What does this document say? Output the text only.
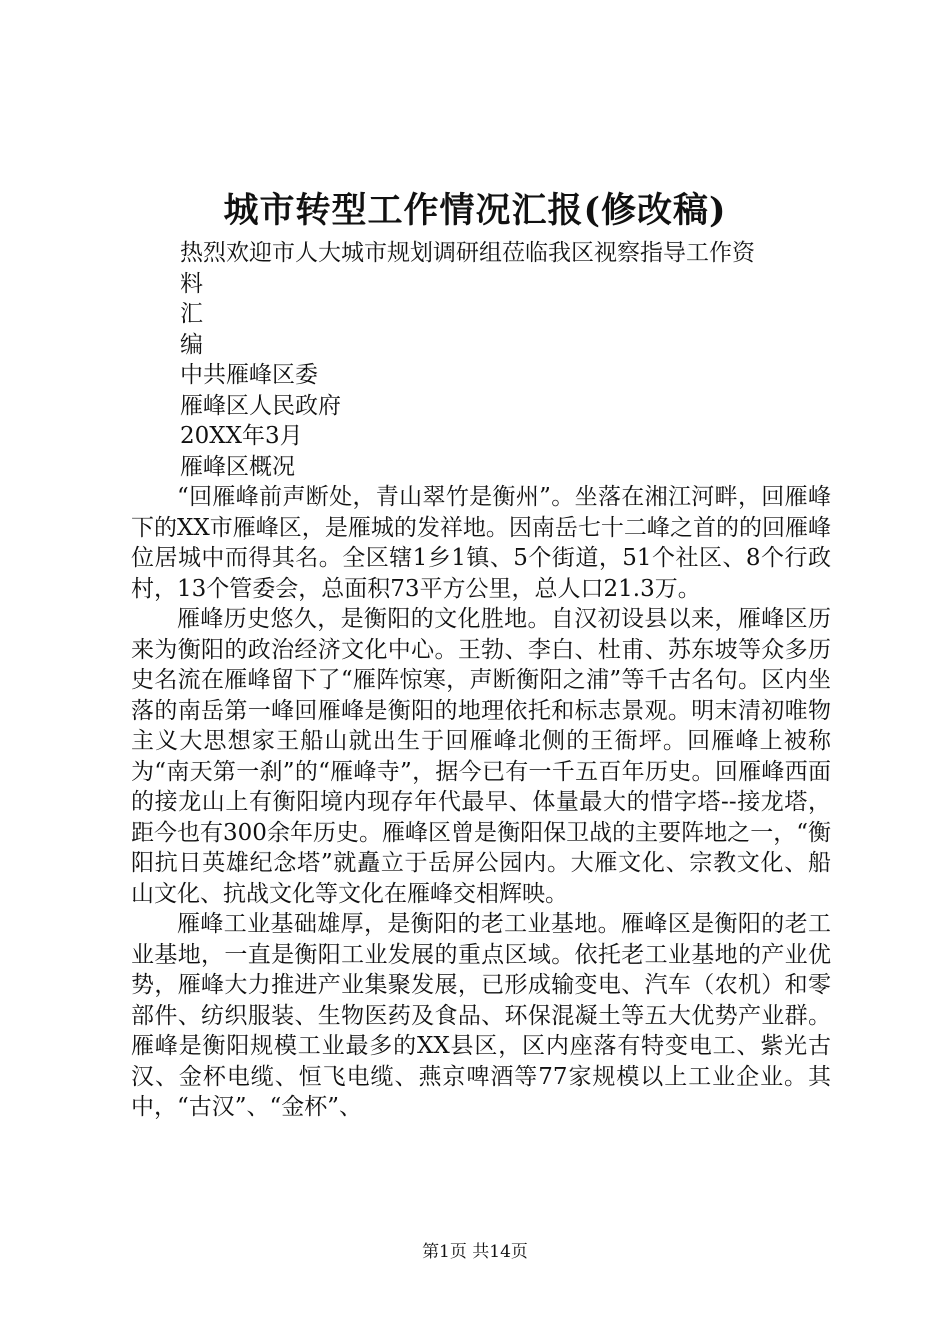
城市转型工作情况汇报(修改稿)
热烈欢迎市人大城市规划调研组莅临我区视察指导工作资
料
汇
编
中共雁峰区委
雁峰区人民政府
20XX年3月
雁峰区概况

“回雁峰前声断处，青山翠竹是衡州”。坐落在湘江河畔，回雁峰下的XX市雁峰区，是雁城的发祥地。因南岳七十二峰之首的的回雁峰位居城中而得其名。全区辖1乡1镇、5个街道，51个社区、8个行政村，13个管委会，总面积73平方公里，总人口21.3万。

雁峰历史悠久，是衡阳的文化胜地。自汉初设县以来，雁峰区历来为衡阳的政治经济文化中心。王勃、李白、杜甫、苏东坡等众多历史名流在雁峰留下了“雁阵惊寒，声断衡阳之浦”等千古名句。区内坐落的南岳第一峰回雁峰是衡阳的地理依托和标志景观。明末清初唯物主义大思想家王船山就出生于回雁峰北侧的王衙坪。回雁峰上被称为“南天第一刹”的“雁峰寺”，据今已有一千五百年历史。回雁峰西面的接龙山上有衡阳境内现存年代最早、体量最大的惜字塔--接龙塔，距今也有300余年历史。雁峰区曾是衡阳保卫战的主要阵地之一，“衡阳抗日英雄纪念塔”就矗立于岳屏公园内。大雁文化、宗教文化、船山文化、抗战文化等文化在雁峰交相辉映。

雁峰工业基础雄厚，是衡阳的老工业基地。雁峰区是衡阳的老工业基地，一直是衡阳工业发展的重点区域。依托老工业基地的产业优势，雁峰大力推进产业集聚发展，已形成输变电、汽车（农机）和零部件、纺织服装、生物医药及食品、环保混凝土等五大优势产业群。雁峰是衡阳规模工业最多的XX县区，区内座落有特变电工、紫光古汉、金杯电缆、恒飞电缆、燕京啤酒等77家规模以上工业企业。其中，“古汉”、“金杯”、

第1页 共14页
